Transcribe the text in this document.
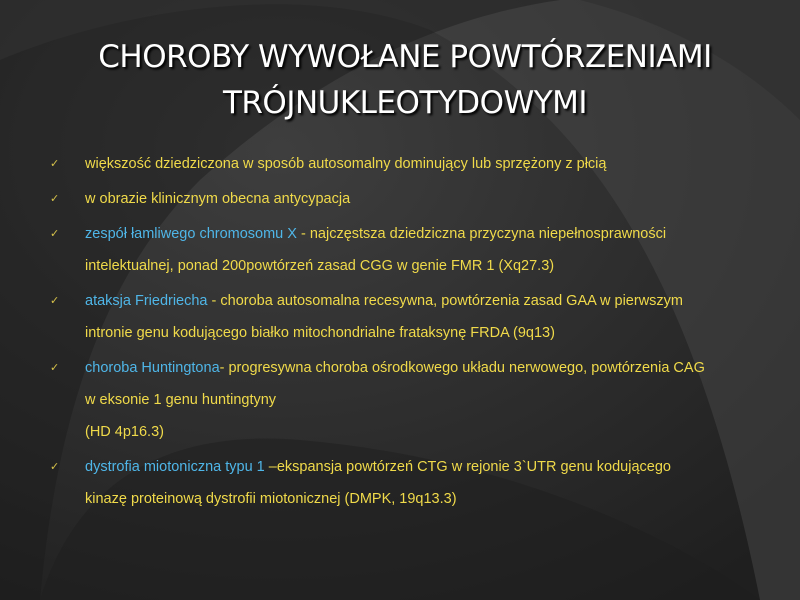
CHOROBY WYWOŁANE POWTÓRZENIAMI
TRÓJNUKLEOTYDOWYMI
✓ większość dziedziczona w sposób autosomalny dominujący lub sprzężony z płcią
✓ w obrazie klinicznym obecna antycypacja
✓ zespół łamliwego chromosomu X - najczęstsza dziedziczna przyczyna niepełnosprawności intelektualnej, ponad 200powtórzeń zasad CGG w genie FMR 1 (Xq27.3)
✓ ataksja Friedriecha - choroba autosomalna recesywna, powtórzenia zasad GAA w pierwszym intronie genu kodującego białko mitochondrialne frataksynę FRDA (9q13)
✓ choroba Huntingtona- progresywna choroba ośrodkowego układu nerwowego, powtórzenia CAG w eksonie 1 genu huntingtyny
(HD 4p16.3)
✓ dystrofia miotoniczna typu 1 –ekspansja powtórzeń CTG w rejonie 3`UTR genu kodującego kinazę proteinową dystrofii miotonicznej (DMPK, 19q13.3)
